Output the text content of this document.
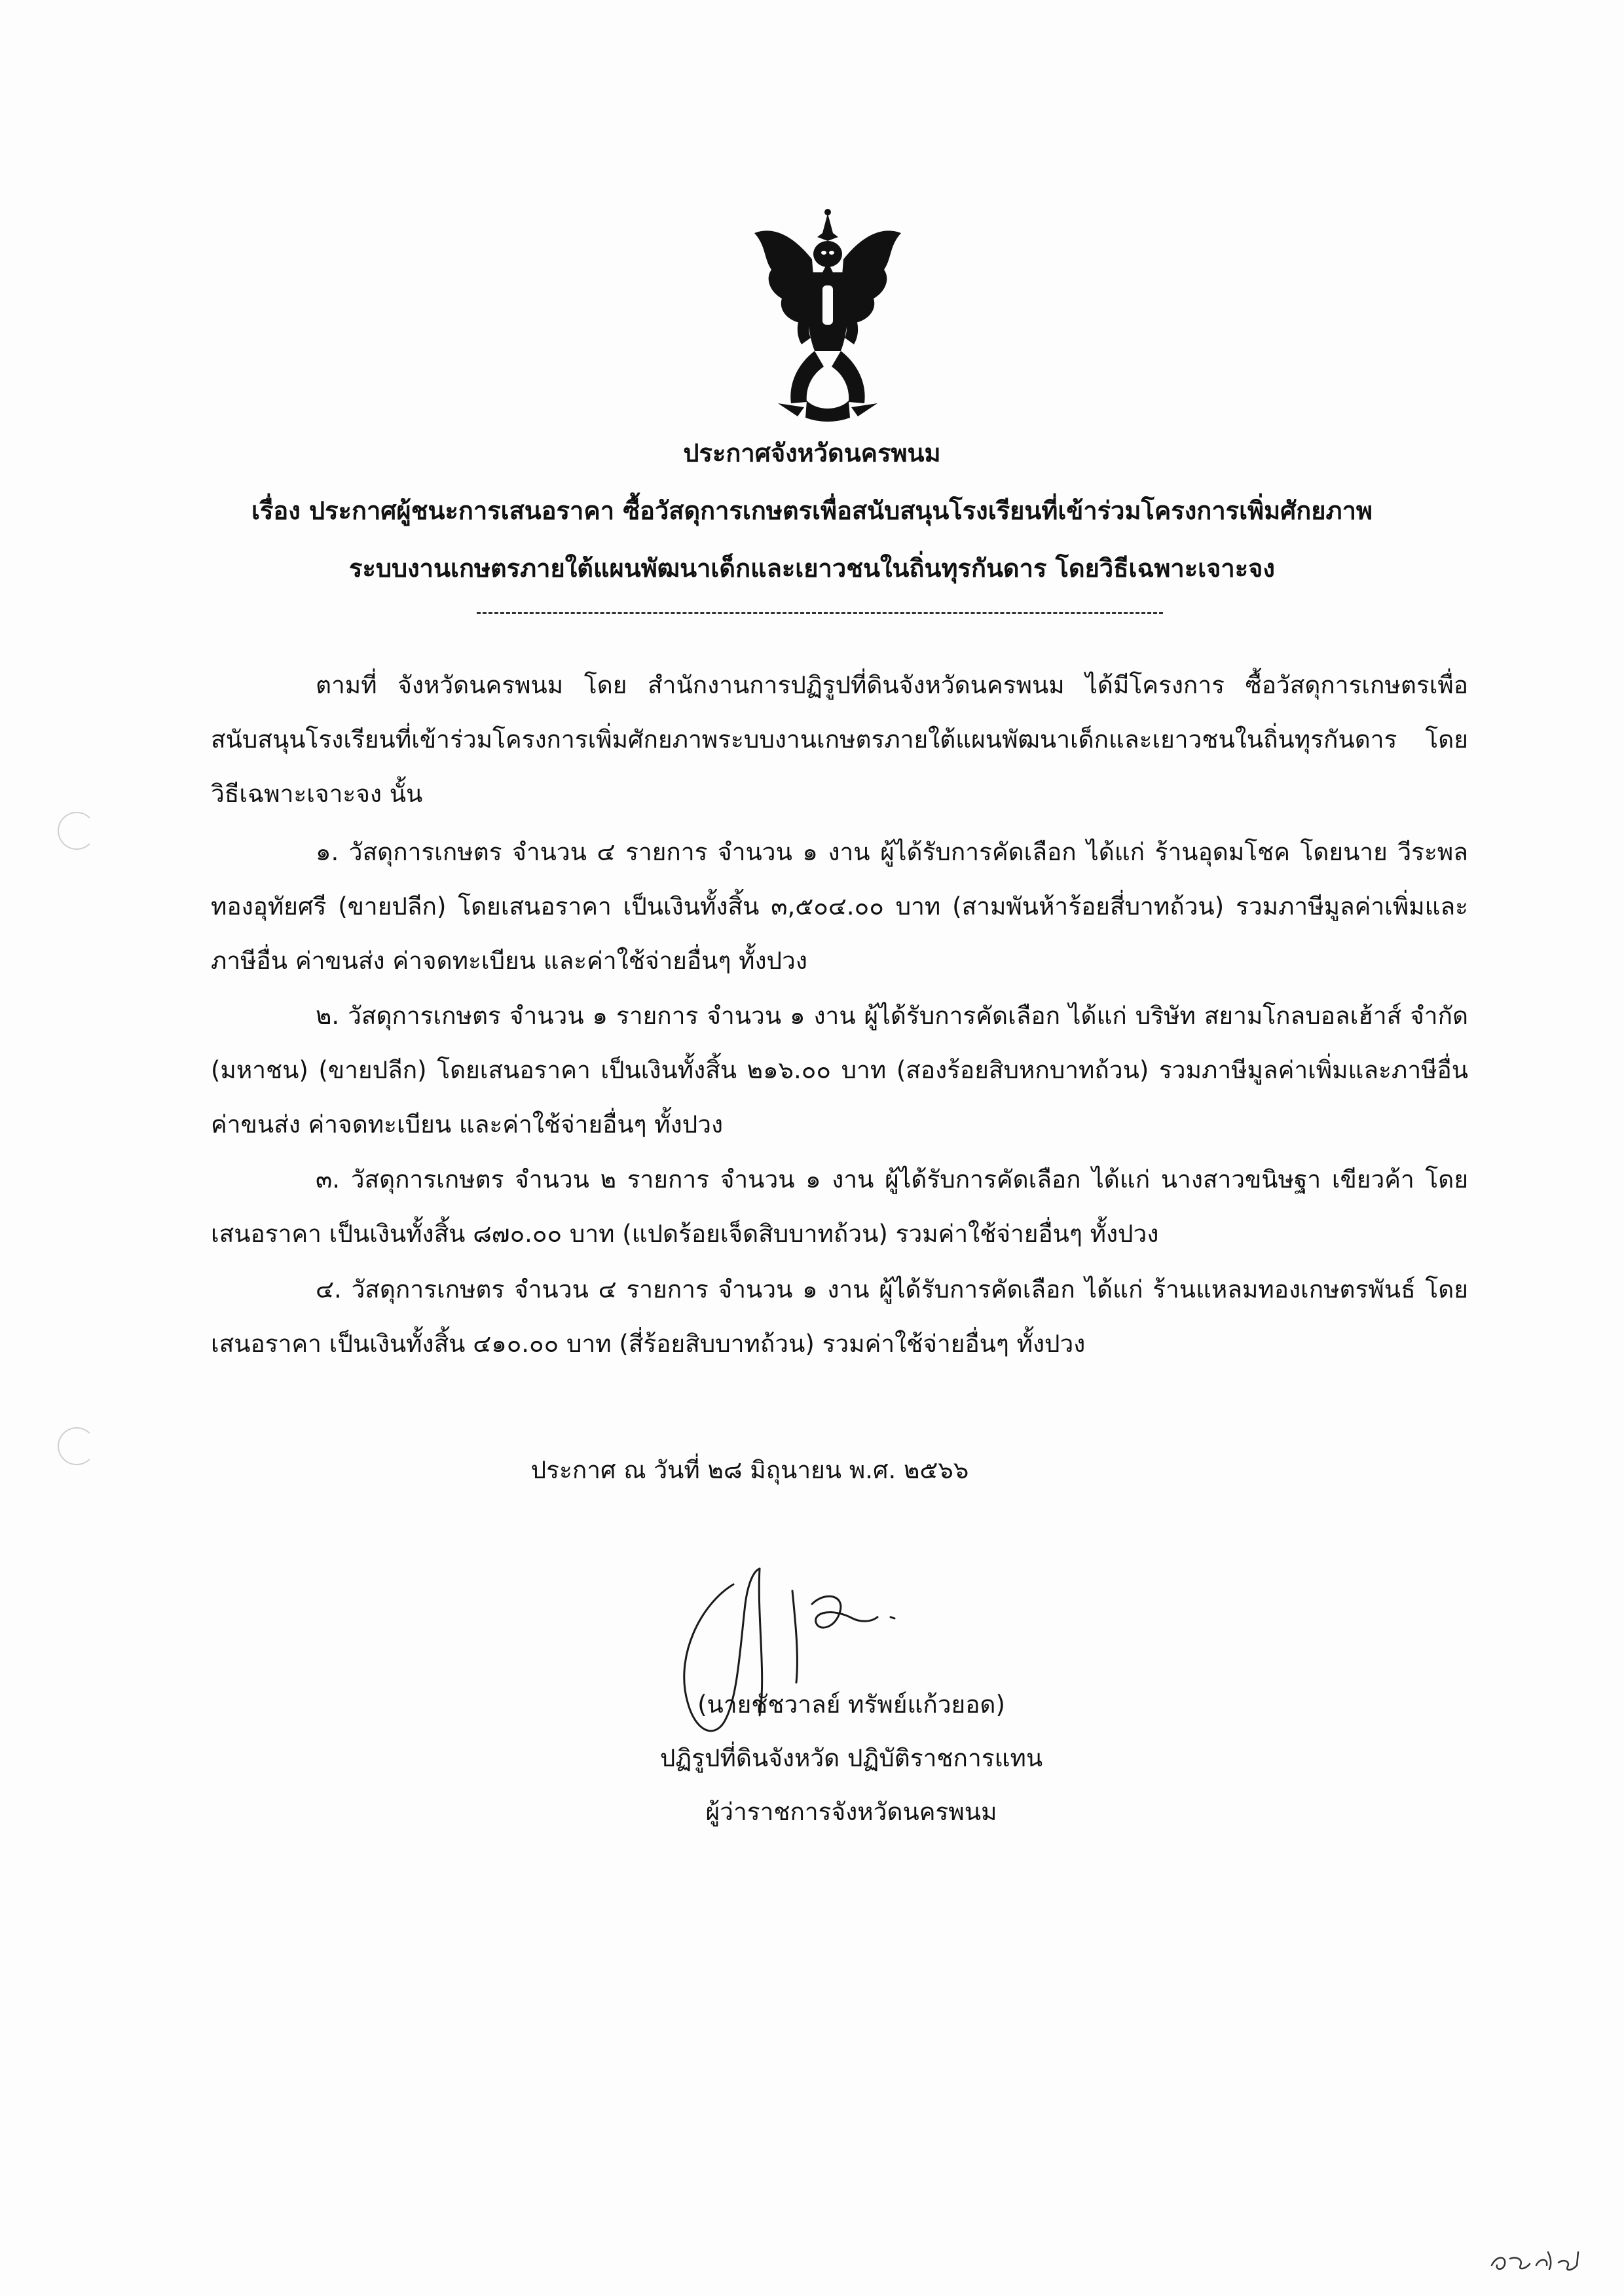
ประกาศจังหวัดนครพนม
เรื่อง ประกาศผู้ชนะการเสนอราคา ซื้อวัสดุการเกษตรเพื่อสนับสนุนโรงเรียนที่เข้าร่วมโครงการเพิ่มศักยภาพ
ระบบงานเกษตรภายใต้แผนพัฒนาเด็กและเยาวชนในถิ่นทุรกันดาร โดยวิธีเฉพาะเจาะจง
ตามที่ จังหวัดนครพนม โดย สำนักงานการปฏิรูปที่ดินจังหวัดนครพนม ได้มีโครงการ ซื้อวัสดุการเกษตรเพื่อสนับสนุนโรงเรียนที่เข้าร่วมโครงการเพิ่มศักยภาพระบบงานเกษตรภายใต้แผนพัฒนาเด็กและเยาวชนในถิ่นทุรกันดาร โดยวิธีเฉพาะเจาะจง นั้น
๑. วัสดุการเกษตร จำนวน ๔ รายการ จำนวน ๑ งาน ผู้ได้รับการคัดเลือก ได้แก่ ร้านอุดมโชค โดยนาย วีระพล ทองอุทัยศรี (ขายปลีก) โดยเสนอราคา เป็นเงินทั้งสิ้น ๓,๕๐๔.๐๐ บาท (สามพันห้าร้อยสี่บาทถ้วน) รวมภาษีมูลค่าเพิ่มและภาษีอื่น ค่าขนส่ง ค่าจดทะเบียน และค่าใช้จ่ายอื่นๆ ทั้งปวง
๒. วัสดุการเกษตร จำนวน ๑ รายการ จำนวน ๑ งาน ผู้ได้รับการคัดเลือก ได้แก่ บริษัท สยามโกลบอลเฮ้าส์ จำกัด (มหาชน) (ขายปลีก) โดยเสนอราคา เป็นเงินทั้งสิ้น ๒๑๖.๐๐ บาท (สองร้อยสิบหกบาทถ้วน) รวมภาษีมูลค่าเพิ่มและภาษีอื่น ค่าขนส่ง ค่าจดทะเบียน และค่าใช้จ่ายอื่นๆ ทั้งปวง
๓. วัสดุการเกษตร จำนวน ๒ รายการ จำนวน ๑ งาน ผู้ได้รับการคัดเลือก ได้แก่ นางสาวขนิษฐา เขียวค้า โดยเสนอราคา เป็นเงินทั้งสิ้น ๘๗๐.๐๐ บาท (แปดร้อยเจ็ดสิบบาทถ้วน) รวมค่าใช้จ่ายอื่นๆ ทั้งปวง
๔. วัสดุการเกษตร จำนวน ๔ รายการ จำนวน ๑ งาน ผู้ได้รับการคัดเลือก ได้แก่ ร้านแหลมทองเกษตรพันธ์ โดยเสนอราคา เป็นเงินทั้งสิ้น ๔๑๐.๐๐ บาท (สี่ร้อยสิบบาทถ้วน) รวมค่าใช้จ่ายอื่นๆ ทั้งปวง
ประกาศ ณ วันที่ ๒๘ มิถุนายน พ.ศ. ๒๕๖๖
(นายชัชวาลย์ ทรัพย์แก้วยอด)
ปฏิรูปที่ดินจังหวัด ปฏิบัติราชการแทน
ผู้ว่าราชการจังหวัดนครพนม
